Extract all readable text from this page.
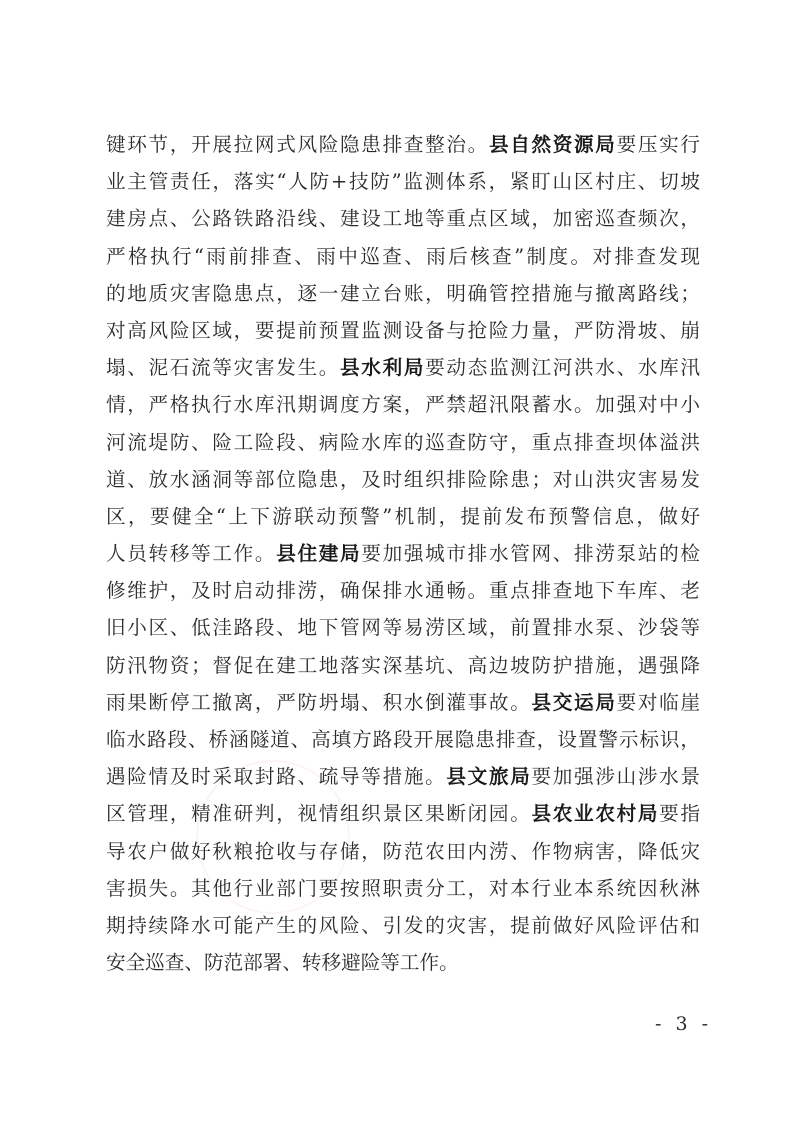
键环节，开展拉网式风险隐患排查整治。县自然资源局要压实行
业主管责任，落实“人防+技防”监测体系，紧盯山区村庄、切坡
建房点、公路铁路沿线、建设工地等重点区域，加密巡查频次，
严格执行“雨前排查、雨中巡查、雨后核查”制度。对排查发现
的地质灾害隐患点，逐一建立台账，明确管控措施与撤离路线；
对高风险区域，要提前预置监测设备与抢险力量，严防滑坡、崩
塌、泥石流等灾害发生。县水利局要动态监测江河洪水、水库汛
情，严格执行水库汛期调度方案，严禁超汛限蓄水。加强对中小
河流堤防、险工险段、病险水库的巡查防守，重点排查坝体溢洪
道、放水涵洞等部位隐患，及时组织排险除患；对山洪灾害易发
区，要健全“上下游联动预警”机制，提前发布预警信息，做好
人员转移等工作。县住建局要加强城市排水管网、排涝泵站的检
修维护，及时启动排涝，确保排水通畅。重点排查地下车库、老
旧小区、低洼路段、地下管网等易涝区域，前置排水泵、沙袋等
防汛物资；督促在建工地落实深基坑、高边坡防护措施，遇强降
雨果断停工撤离，严防坍塌、积水倒灌事故。县交运局要对临崖
临水路段、桥涵隧道、高填方路段开展隐患排查，设置警示标识，
遇险情及时采取封路、疏导等措施。县文旅局要加强涉山涉水景
区管理，精准研判，视情组织景区果断闭园。县农业农村局要指
导农户做好秋粮抢收与存储，防范农田内涝、作物病害，降低灾
害损失。其他行业部门要按照职责分工，对本行业本系统因秋淋
期持续降水可能产生的风险、引发的灾害，提前做好风险评估和
安全巡查、防范部署、转移避险等工作。
- 3 -
